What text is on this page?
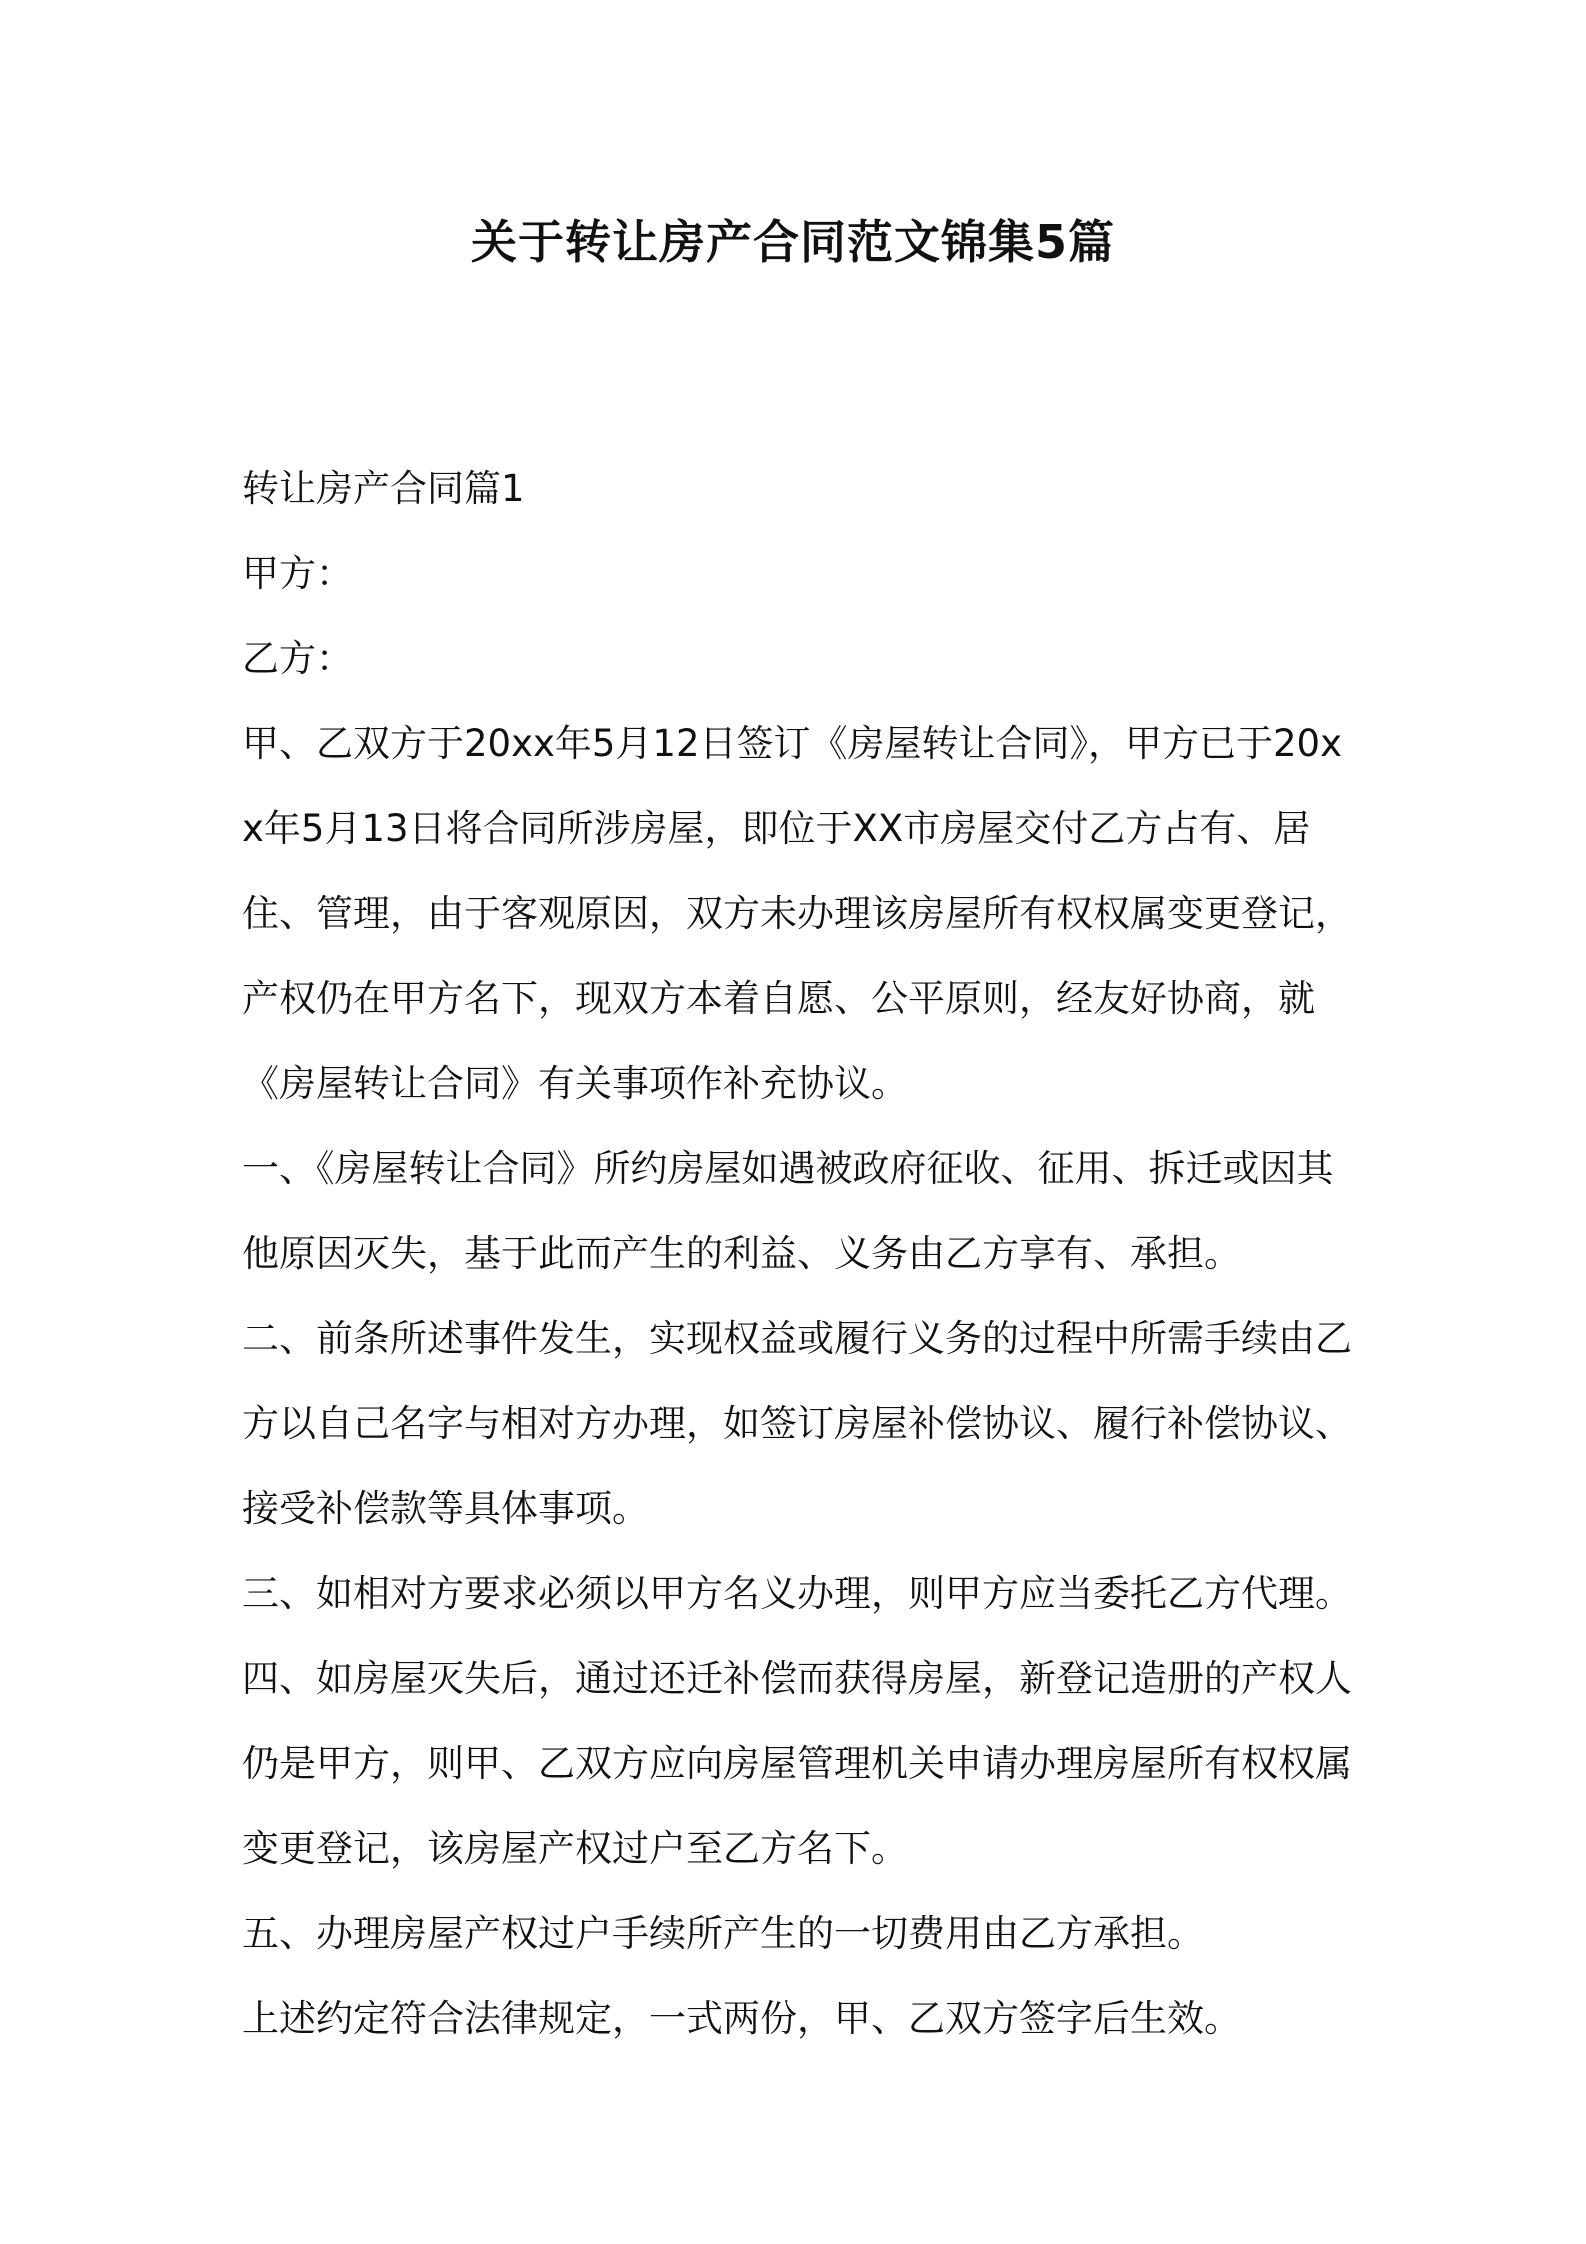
关于转让房产合同范文锦集5篇

转让房产合同篇1

甲方：

乙方：

甲、乙双方于20xx年5月12日签订《房屋转让合同》，甲方已于20xx年5月13日将合同所涉房屋，即位于XX市房屋交付乙方占有、居住、管理，由于客观原因，双方未办理该房屋所有权权属变更登记，产权仍在甲方名下，现双方本着自愿、公平原则，经友好协商，就《房屋转让合同》有关事项作补充协议。

一、《房屋转让合同》所约房屋如遇被政府征收、征用、拆迁或因其他原因灭失，基于此而产生的利益、义务由乙方享有、承担。

二、前条所述事件发生，实现权益或履行义务的过程中所需手续由乙方以自己名字与相对方办理，如签订房屋补偿协议、履行补偿协议、接受补偿款等具体事项。

三、如相对方要求必须以甲方名义办理，则甲方应当委托乙方代理。

四、如房屋灭失后，通过还迁补偿而获得房屋，新登记造册的产权人仍是甲方，则甲、乙双方应向房屋管理机关申请办理房屋所有权权属变更登记，该房屋产权过户至乙方名下。

五、办理房屋产权过户手续所产生的一切费用由乙方承担。

上述约定符合法律规定，一式两份，甲、乙双方签字后生效。
